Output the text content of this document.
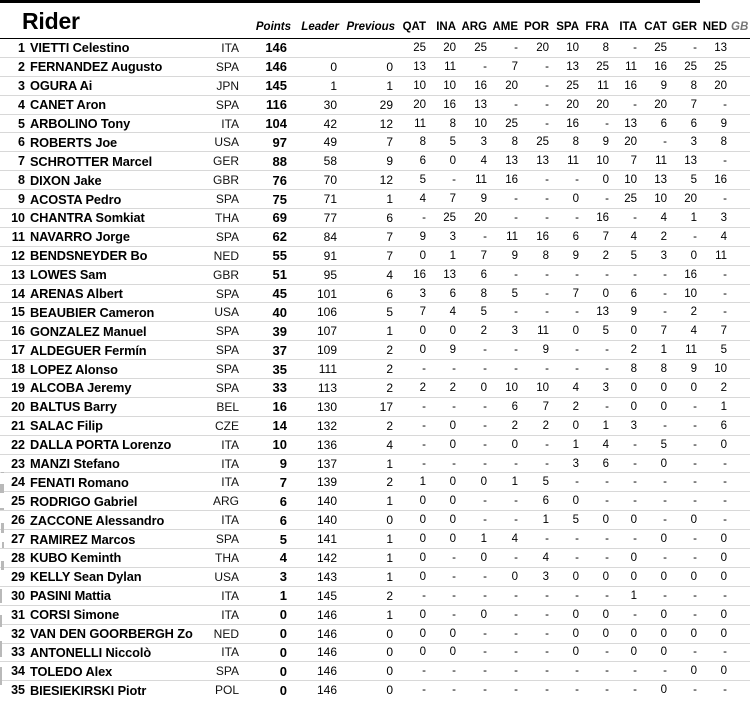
Rider			Points	Leader	Previous	QAT	INA	ARG	AME	POR	SPA	FRA	ITA	CAT	GER	NED	GB
1	VIETTI Celestino	ITA	146			25	20	25	-	20	10	8	-	25	-	13	
2	FERNANDEZ Augusto	SPA	146	0	0	13	11	-	7	-	13	25	11	16	25	25	
3	OGURA Ai	JPN	145	1	1	10	10	16	20	-	25	11	16	9	8	20	
4	CANET Aron	SPA	116	30	29	20	16	13	-	-	20	20	-	20	7	-	
5	ARBOLINO Tony	ITA	104	42	12	11	8	10	25	-	16	-	13	6	6	9	
6	ROBERTS Joe	USA	97	49	7	8	5	3	8	25	8	9	20	-	3	8	
7	SCHROTTER Marcel	GER	88	58	9	6	0	4	13	13	11	10	7	11	13	-	
8	DIXON Jake	GBR	76	70	12	5	-	11	16	-	-	0	10	13	5	16	
9	ACOSTA Pedro	SPA	75	71	1	4	7	9	-	-	0	-	25	10	20	-	
10	CHANTRA Somkiat	THA	69	77	6	-	25	20	-	-	-	16	-	4	1	3	
11	NAVARRO Jorge	SPA	62	84	7	9	3	-	11	16	6	7	4	2	-	4	
12	BENDSNEYDER Bo	NED	55	91	7	0	1	7	9	8	9	2	5	3	0	11	
13	LOWES Sam	GBR	51	95	4	16	13	6	-	-	-	-	-	-	16	-	
14	ARENAS Albert	SPA	45	101	6	3	6	8	5	-	7	0	6	-	10	-	
15	BEAUBIER Cameron	USA	40	106	5	7	4	5	-	-	-	13	9	-	2	-	
16	GONZALEZ Manuel	SPA	39	107	1	0	0	2	3	11	0	5	0	7	4	7	
17	ALDEGUER Fermín	SPA	37	109	2	0	9	-	-	9	-	-	2	1	11	5	
18	LOPEZ Alonso	SPA	35	111	2	-	-	-	-	-	-	-	8	8	9	10	
19	ALCOBA Jeremy	SPA	33	113	2	2	2	0	10	10	4	3	0	0	0	2	
20	BALTUS Barry	BEL	16	130	17	-	-	-	6	7	2	-	0	0	-	1	
21	SALAC Filip	CZE	14	132	2	-	0	-	2	2	0	1	3	-	-	6	
22	DALLA PORTA Lorenzo	ITA	10	136	4	-	0	-	0	-	1	4	-	5	-	0	
23	MANZI Stefano	ITA	9	137	1	-	-	-	-	-	3	6	-	0	-	-	
24	FENATI Romano	ITA	7	139	2	1	0	0	1	5	-	-	-	-	-	-	
25	RODRIGO Gabriel	ARG	6	140	1	0	0	-	-	6	0	-	-	-	-	-	
26	ZACCONE Alessandro	ITA	6	140	0	0	0	-	-	1	5	0	0	-	0	-	
27	RAMIREZ Marcos	SPA	5	141	1	0	0	1	4	-	-	-	-	0	-	0	
28	KUBO Keminth	THA	4	142	1	0	-	0	-	4	-	-	0	-	-	0	
29	KELLY Sean Dylan	USA	3	143	1	0	-	-	0	3	0	0	0	0	0	0	
30	PASINI Mattia	ITA	1	145	2	-	-	-	-	-	-	-	1	-	-	-	
31	CORSI Simone	ITA	0	146	1	0	-	0	-	-	0	0	-	0	-	0	
32	VAN DEN GOORBERGH Zo	NED	0	146	0	0	0	-	-	-	0	0	0	0	0	0	
33	ANTONELLI Niccolò	ITA	0	146	0	0	0	-	-	-	0	-	0	0	-	-	
34	TOLEDO Alex	SPA	0	146	0	-	-	-	-	-	-	-	-	-	0	0	
35	BIESIEKIRSKI Piotr	POL	0	146	0	-	-	-	-	-	-	-	-	0	-	-	
